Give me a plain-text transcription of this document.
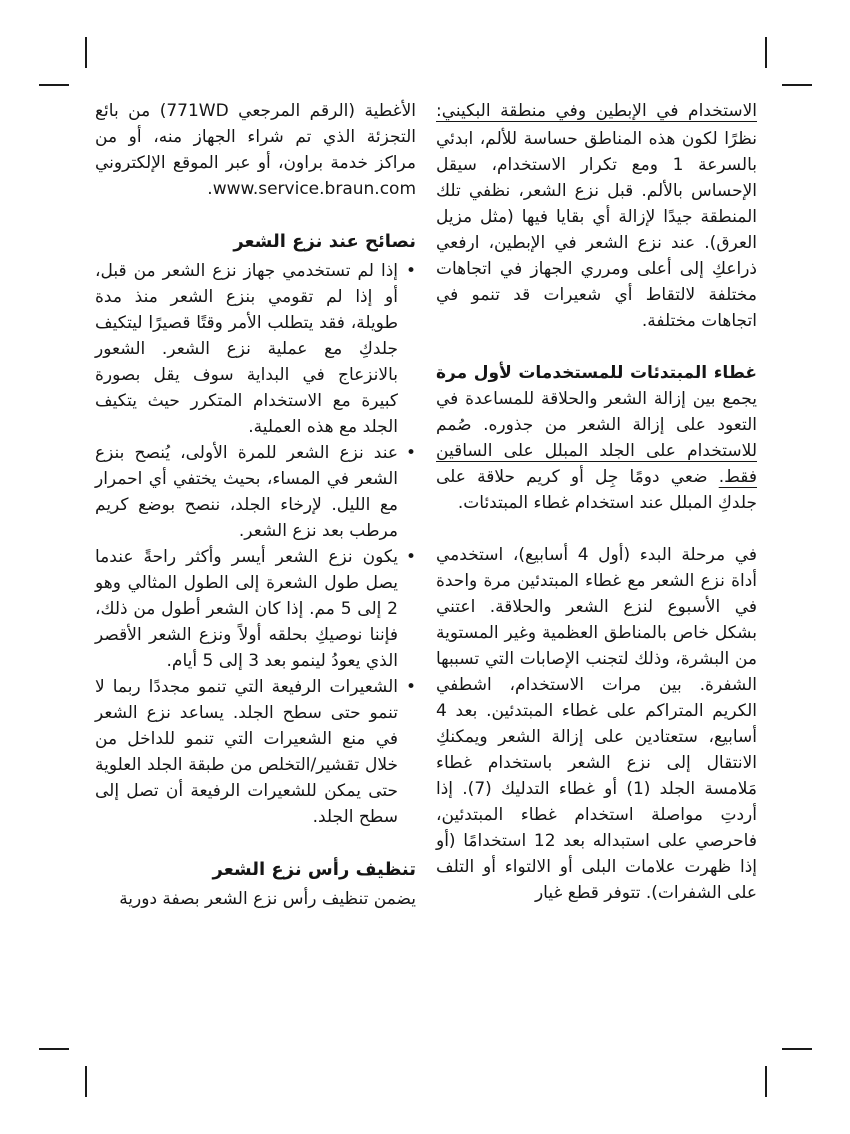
الاستخدام في الإبطين وفي منطقة البكيني:

نظرًا لكون هذه المناطق حساسة للألم، ابدئي بالسرعة 1 ومع تكرار الاستخدام، سيقل الإحساس بالألم. قبل نزع الشعر، نظفي تلك المنطقة جيدًا لإزالة أي بقايا فيها (مثل مزيل العرق). عند نزع الشعر في الإبطين، ارفعي ذراعكِ إلى أعلى ومرري الجهاز في اتجاهات مختلفة لالتقاط أي شعيرات قد تنمو في اتجاهات مختلفة.

غطاء المبتدئات للمستخدمات لأول مرة يجمع بين إزالة الشعر والحلاقة للمساعدة في التعود على إزالة الشعر من جذوره. صُمم للاستخدام على الجلد المبلل على الساقين فقط. ضعي دومًا جِل أو كريم حلاقة على جلدكِ المبلل عند استخدام غطاء المبتدئات.

في مرحلة البدء (أول 4 أسابيع)، استخدمي أداة نزع الشعر مع غطاء المبتدئين مرة واحدة في الأسبوع لنزع الشعر والحلاقة. اعتني بشكل خاص بالمناطق العظمية وغير المستوية من البشرة، وذلك لتجنب الإصابات التي تسببها الشفرة. بين مرات الاستخدام، اشطفي الكريم المتراكم على غطاء المبتدئين. بعد 4 أسابيع، ستعتادين على إزالة الشعر ويمكنكِ الانتقال إلى نزع الشعر باستخدام غطاء مَلامسة الجلد (1) أو غطاء التدليك (7). إذا أردتِ مواصلة استخدام غطاء المبتدئين، فاحرصي على استبداله بعد 12 استخدامًا (أو إذا ظهرت علامات البلى أو الالتواء أو التلف على الشفرات). تتوفر قطع غيار

الأغطية (الرقم المرجعي 771WD) من بائع التجزئة الذي تم شراء الجهاز منه، أو من مراكز خدمة براون، أو عبر الموقع الإلكتروني www.service.braun.com.

نصائح عند نزع الشعر
•
إذا لم تستخدمي جهاز نزع الشعر من قبل، أو إذا لم تقومي بنزع الشعر منذ مدة طويلة، فقد يتطلب الأمر وقتًا قصيرًا ليتكيف جلدكِ مع عملية نزع الشعر. الشعور بالانزعاج في البداية سوف يقل بصورة كبيرة مع الاستخدام المتكرر حيث يتكيف الجلد مع هذه العملية.
•
عند نزع الشعر للمرة الأولى، يُنصح بنزع الشعر في المساء، بحيث يختفي أي احمرار مع الليل. لإرخاء الجلد، ننصح بوضع كريم مرطب بعد نزع الشعر.
•
يكون نزع الشعر أيسر وأكثر راحةً عندما يصل طول الشعرة إلى الطول المثالي وهو 2 إلى 5 مم. إذا كان الشعر أطول من ذلك، فإننا نوصيكِ بحلقه أولاً ونزع الشعر الأقصر الذي يعودُ لينمو بعد 3 إلى 5 أيام.
•
الشعيرات الرفيعة التي تنمو مجددًا ربما لا تنمو حتى سطح الجلد. يساعد نزع الشعر في منع الشعيرات التي تنمو للداخل من خلال تقشير/التخلص من طبقة الجلد العلوية حتى يمكن للشعيرات الرفيعة أن تصل إلى سطح الجلد.
تنظيف رأس نزع الشعر

يضمن تنظيف رأس نزع الشعر بصفة دورية
